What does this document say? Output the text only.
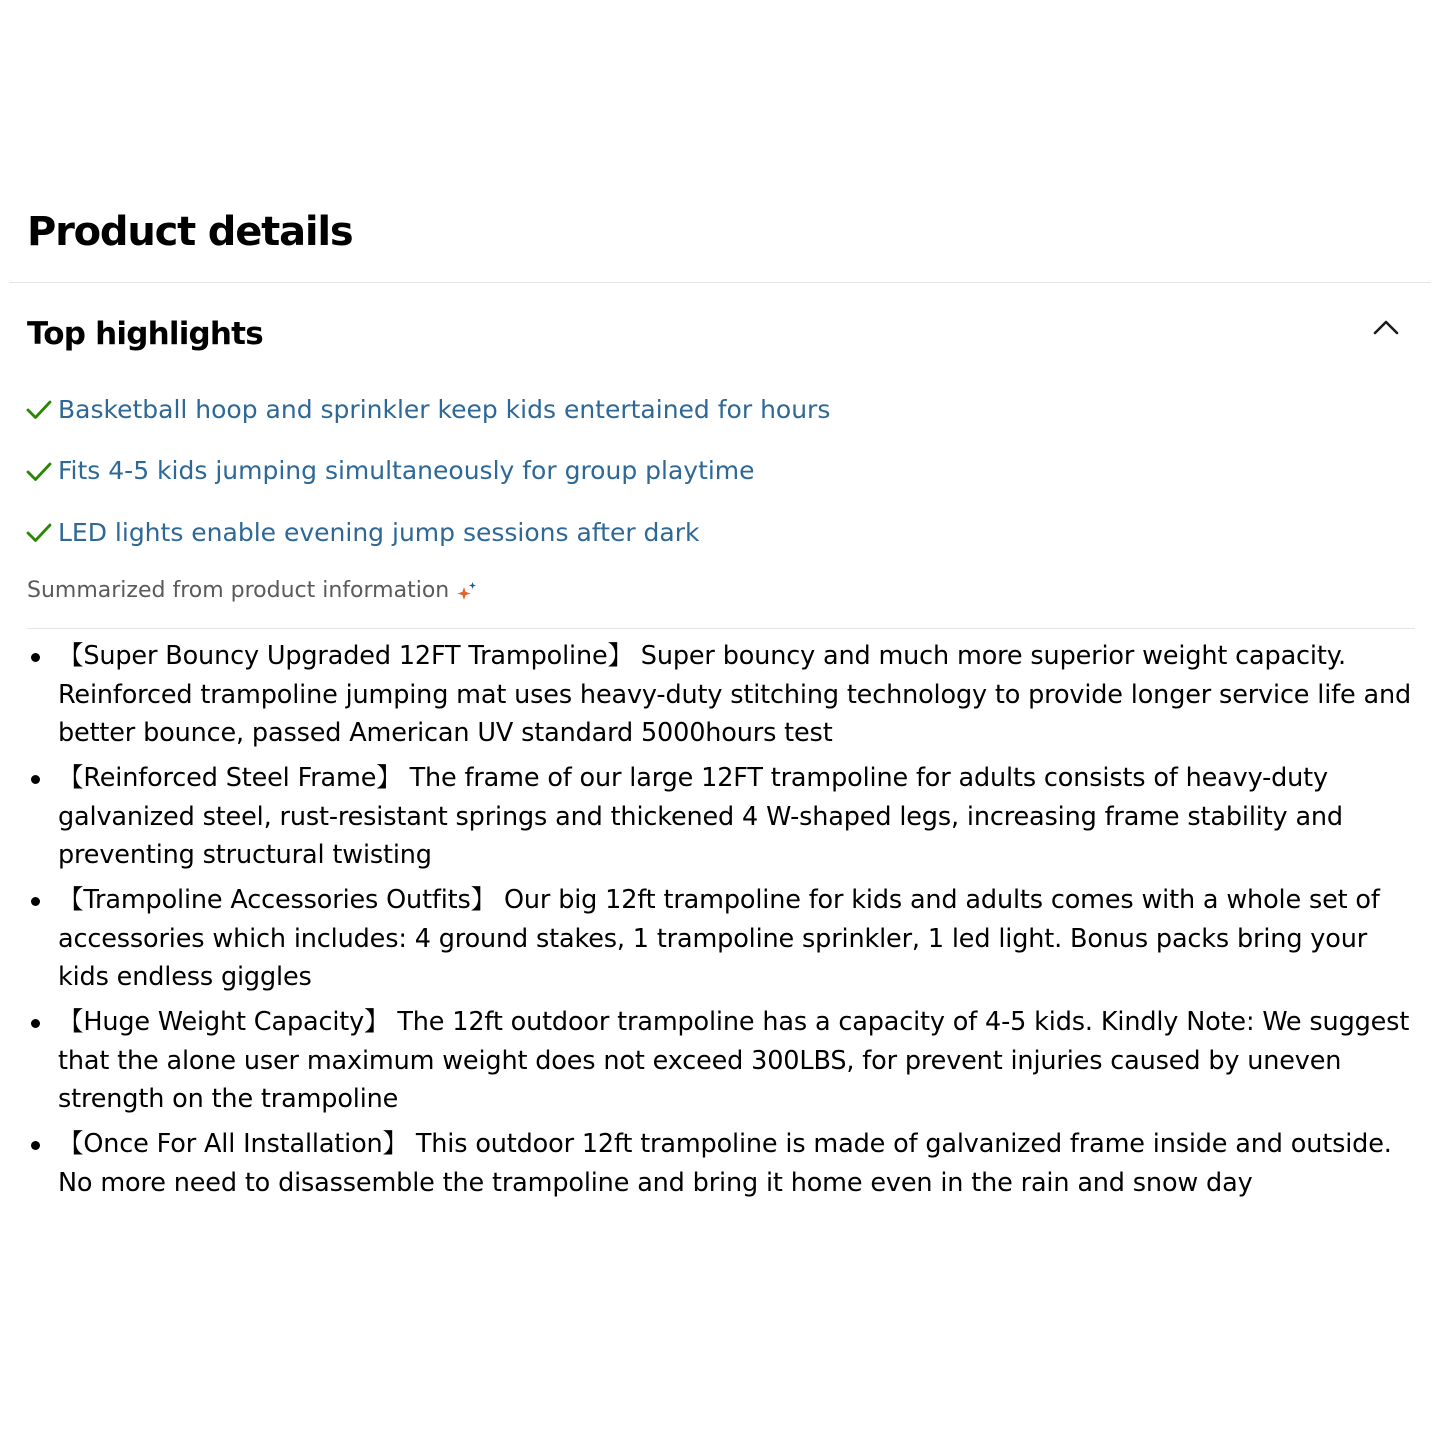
Product details
Top highlights
Basketball hoop and sprinkler keep kids entertained for hours
Fits 4-5 kids jumping simultaneously for group playtime
LED lights enable evening jump sessions after dark
Summarized from product information
【Super Bouncy Upgraded 12FT Trampoline】 Super bouncy and much more superior weight capacity. Reinforced trampoline jumping mat uses heavy-duty stitching technology to provide longer service life and better bounce, passed American UV standard 5000hours test
【Reinforced Steel Frame】 The frame of our large 12FT trampoline for adults consists of heavy-duty galvanized steel, rust-resistant springs and thickened 4 W-shaped legs, increasing frame stability and preventing structural twisting
【Trampoline Accessories Outfits】 Our big 12ft trampoline for kids and adults comes with a whole set of accessories which includes: 4 ground stakes, 1 trampoline sprinkler, 1 led light. Bonus packs bring your kids endless giggles
【Huge Weight Capacity】 The 12ft outdoor trampoline has a capacity of 4-5 kids. Kindly Note: We suggest that the alone user maximum weight does not exceed 300LBS, for prevent injuries caused by uneven strength on the trampoline
【Once For All Installation】 This outdoor 12ft trampoline is made of galvanized frame inside and outside. No more need to disassemble the trampoline and bring it home even in the rain and snow day
